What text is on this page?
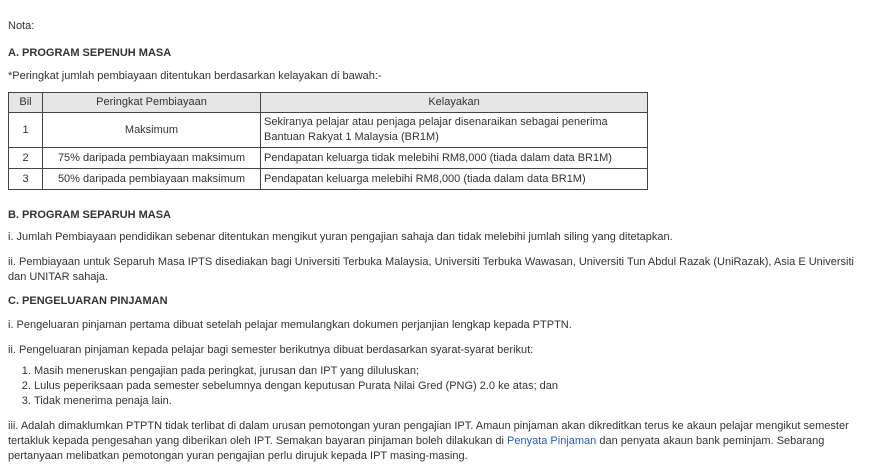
Nota:

A. PROGRAM SEPENUH MASA

*Peringkat jumlah pembiayaan ditentukan berdasarkan kelayakan di bawah:-

Bil	Peringkat Pembiayaan	Kelayakan
1	Maksimum	Sekiranya pelajar atau penjaga pelajar disenaraikan sebagai penerima Bantuan Rakyat 1 Malaysia (BR1M)
2	75% daripada pembiayaan maksimum	Pendapatan keluarga tidak melebihi RM8,000 (tiada dalam data BR1M)
3	50% daripada pembiayaan maksimum	Pendapatan keluarga melebihi RM8,000 (tiada dalam data BR1M)

B. PROGRAM SEPARUH MASA

i. Jumlah Pembiayaan pendidikan sebenar ditentukan mengikut yuran pengajian sahaja dan tidak melebihi jumlah siling yang ditetapkan.

ii. Pembiayaan untuk Separuh Masa IPTS disediakan bagi Universiti Terbuka Malaysia, Universiti Terbuka Wawasan, Universiti Tun Abdul Razak (UniRazak), Asia E Universiti dan UNITAR sahaja.

C. PENGELUARAN PINJAMAN

i. Pengeluaran pinjaman pertama dibuat setelah pelajar memulangkan dokumen perjanjian lengkap kepada PTPTN.

ii. Pengeluaran pinjaman kepada pelajar bagi semester berikutnya dibuat berdasarkan syarat-syarat berikut:

1. Masih meneruskan pengajian pada peringkat, jurusan dan IPT yang diluluskan;
2. Lulus peperiksaan pada semester sebelumnya dengan keputusan Purata Nilai Gred (PNG) 2.0 ke atas; dan
3. Tidak menerima penaja lain.

iii. Adalah dimaklumkan PTPTN tidak terlibat di dalam urusan pemotongan yuran pengajian IPT. Amaun pinjaman akan dikreditkan terus ke akaun pelajar mengikut semester tertakluk kepada pengesahan yang diberikan oleh IPT. Semakan bayaran pinjaman boleh dilakukan di Penyata Pinjaman dan penyata akaun bank peminjam. Sebarang pertanyaan melibatkan pemotongan yuran pengajian perlu dirujuk kepada IPT masing-masing.
